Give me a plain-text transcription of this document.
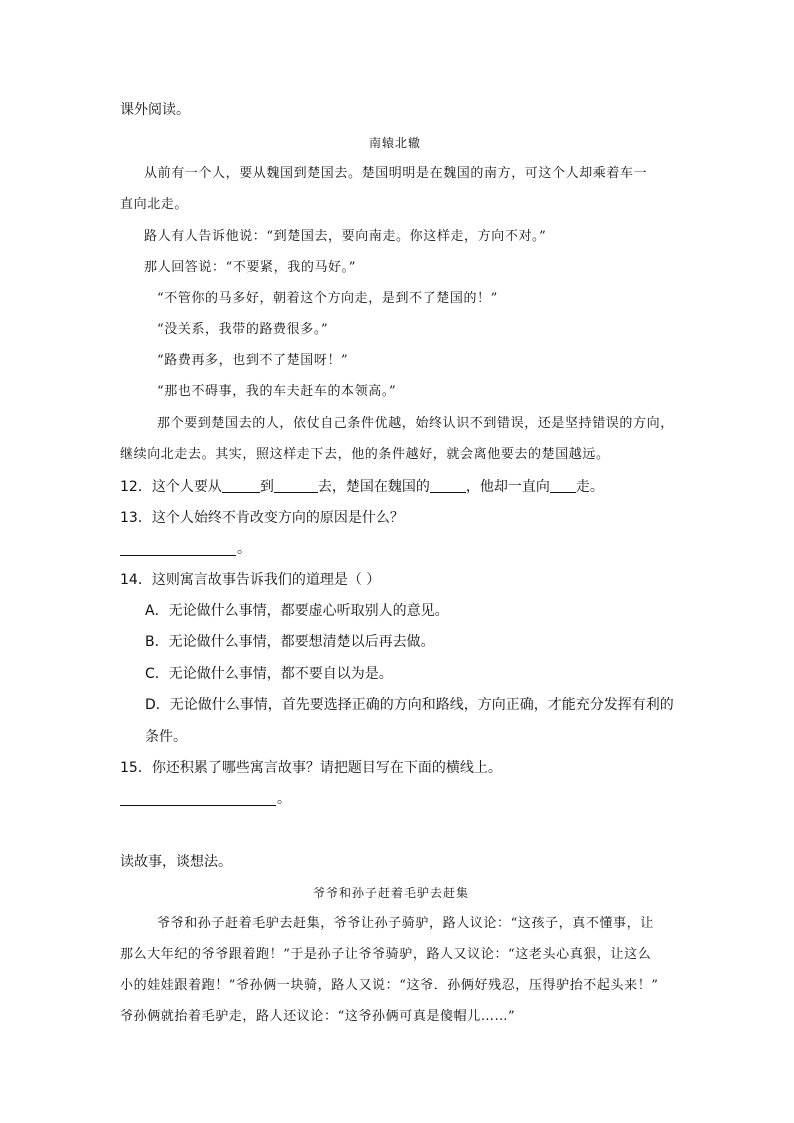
课外阅读。
南辕北辙
从前有一个人，要从魏国到楚国去。楚国明明是在魏国的南方，可这个人却乘着车一
直向北走。
路人有人告诉他说：“到楚国去，要向南走。你这样走，方向不对。”
那人回答说：“不要紧，我的马好。”
“不管你的马多好，朝着这个方向走，是到不了楚国的！”
“没关系，我带的路费很多。”
“路费再多，也到不了楚国呀！”
“那也不碍事，我的车夫赶车的本领高。”
那个要到楚国去的人，依仗自己条件优越，始终认识不到错误，还是坚持错误的方向，
继续向北走去。其实，照这样走下去，他的条件越好，就会离他要去的楚国越远。
12．这个人要从	到	去，楚国在魏国的	，他却一直向 走。
13．这个人始终不肯改变方向的原因是什么？
。
14．这则寓言故事告诉我们的道理是（ ）
A．无论做什么事情，都要虚心听取别人的意见。
B．无论做什么事情，都要想清楚以后再去做。
C．无论做什么事情，都不要自以为是。
D．无论做什么事情，首先要选择正确的方向和路线，方向正确，才能充分发挥有利的
条件。
15．你还积累了哪些寓言故事？请把题目写在下面的横线上。
。
读故事，谈想法。
爷爷和孙子赶着毛驴去赶集
爷爷和孙子赶着毛驴去赶集，爷爷让孙子骑驴，路人议论：“这孩子，真不懂事，让
那么大年纪的爷爷跟着跑！”于是孙子让爷爷骑驴，路人又议论：“这老头心真狠，让这么
小的娃娃跟着跑！”爷孙俩一块骑，路人又说：“这爷．孙俩好残忍，压得驴抬不起头来！”
爷孙俩就抬着毛驴走，路人还议论：“这爷孙俩可真是傻帽儿……”
